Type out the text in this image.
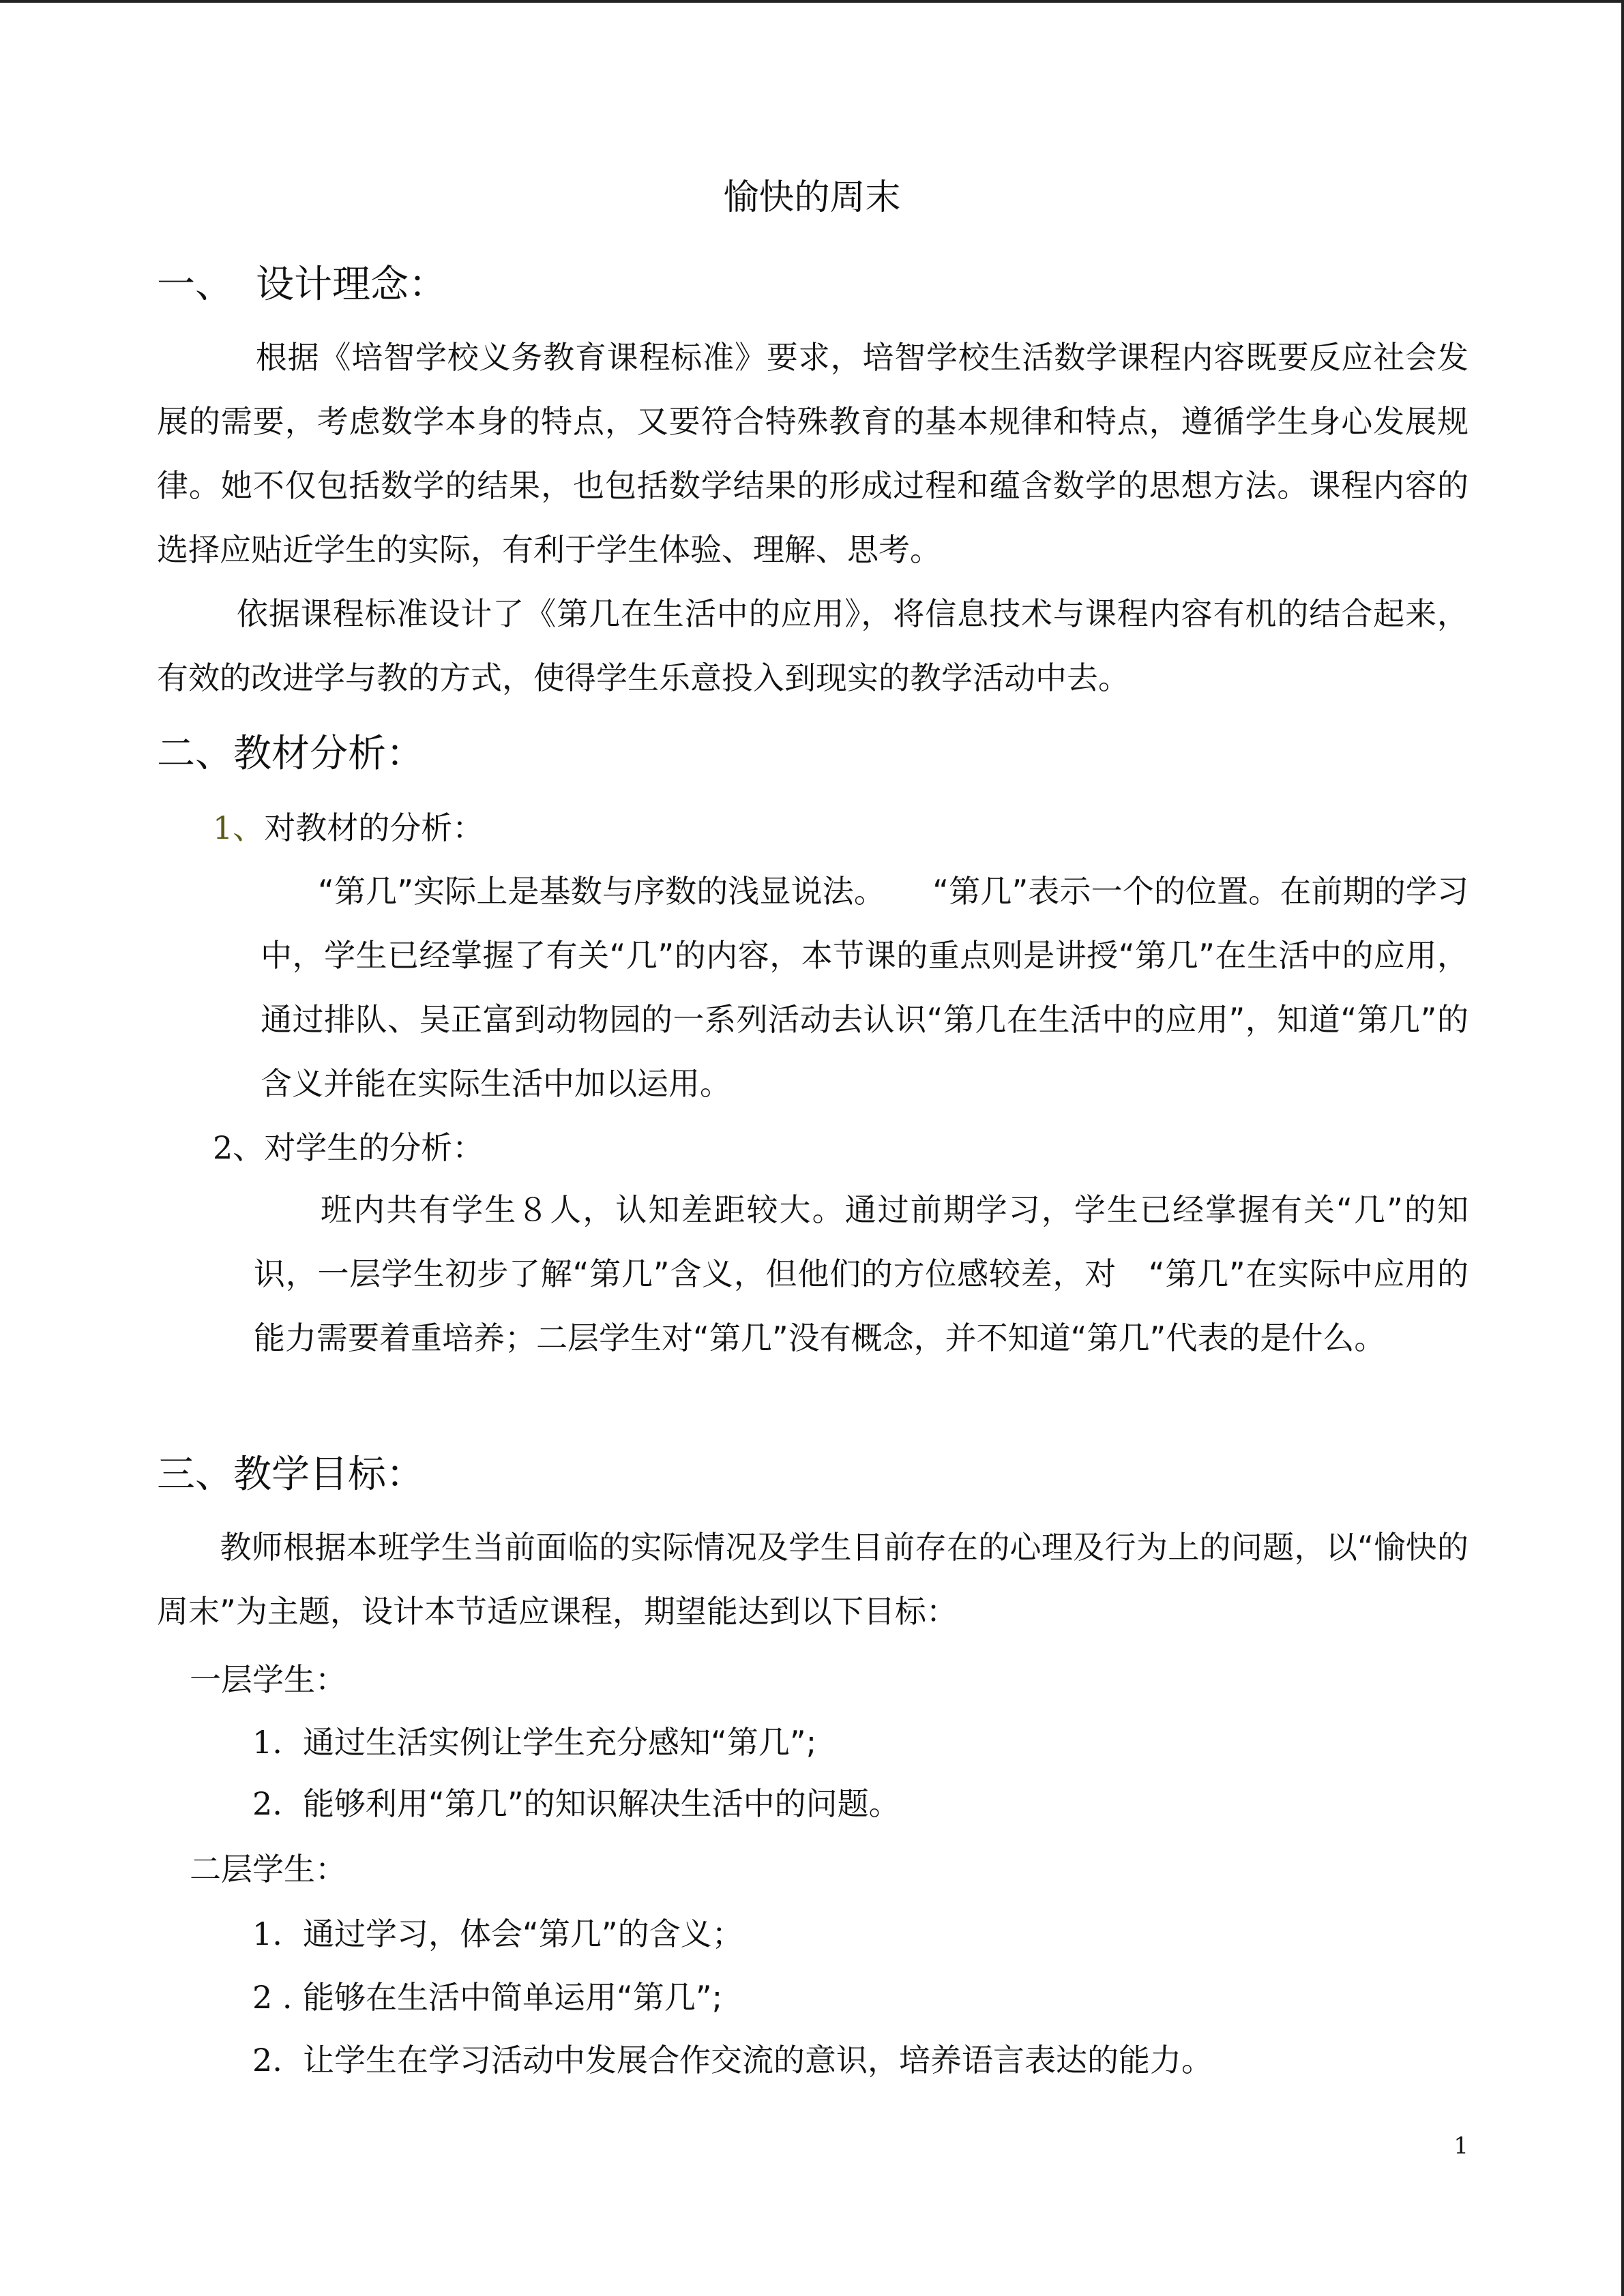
愉快的周末
一、 设计理念：
根据《培智学校义务教育课程标准》要求，培智学校生活数学课程内容既要反应社会发展的需要，考虑数学本身的特点，又要符合特殊教育的基本规律和特点，遵循学生身心发展规律。她不仅包括数学的结果，也包括数学结果的形成过程和蕴含数学的思想方法。课程内容的选择应贴近学生的实际，有利于学生体验、理解、思考。
依据课程标准设计了《第几在生活中的应用》，将信息技术与课程内容有机的结合起来，有效的改进学与教的方式，使得学生乐意投入到现实的教学活动中去。
二、教材分析：
1、对教材的分析：
“第几”实际上是基数与序数的浅显说法。　　“第几”表示一个的位置。在前期的学习中，学生已经掌握了有关“几”的内容，本节课的重点则是讲授“第几”在生活中的应用，通过排队、吴正富到动物园的一系列活动去认识“第几在生活中的应用”，知道“第几”的含义并能在实际生活中加以运用。
2、对学生的分析：
班内共有学生８人，认知差距较大。通过前期学习，学生已经掌握有关“几”的知识，一层学生初步了解“第几”含义，但他们的方位感较差，对　“第几”在实际中应用的能力需要着重培养；二层学生对“第几”没有概念，并不知道“第几”代表的是什么。
三、教学目标：
教师根据本班学生当前面临的实际情况及学生目前存在的心理及行为上的问题，以“愉快的周末”为主题，设计本节适应课程，期望能达到以下目标：
一层学生：
1. 通过生活实例让学生充分感知“第几”;
2. 能够利用“第几”的知识解决生活中的问题。
二层学生：
1. 通过学习，体会“第几”的含义；
2 . 能够在生活中简单运用“第几”;
2. 让学生在学习活动中发展合作交流的意识，培养语言表达的能力。
1
